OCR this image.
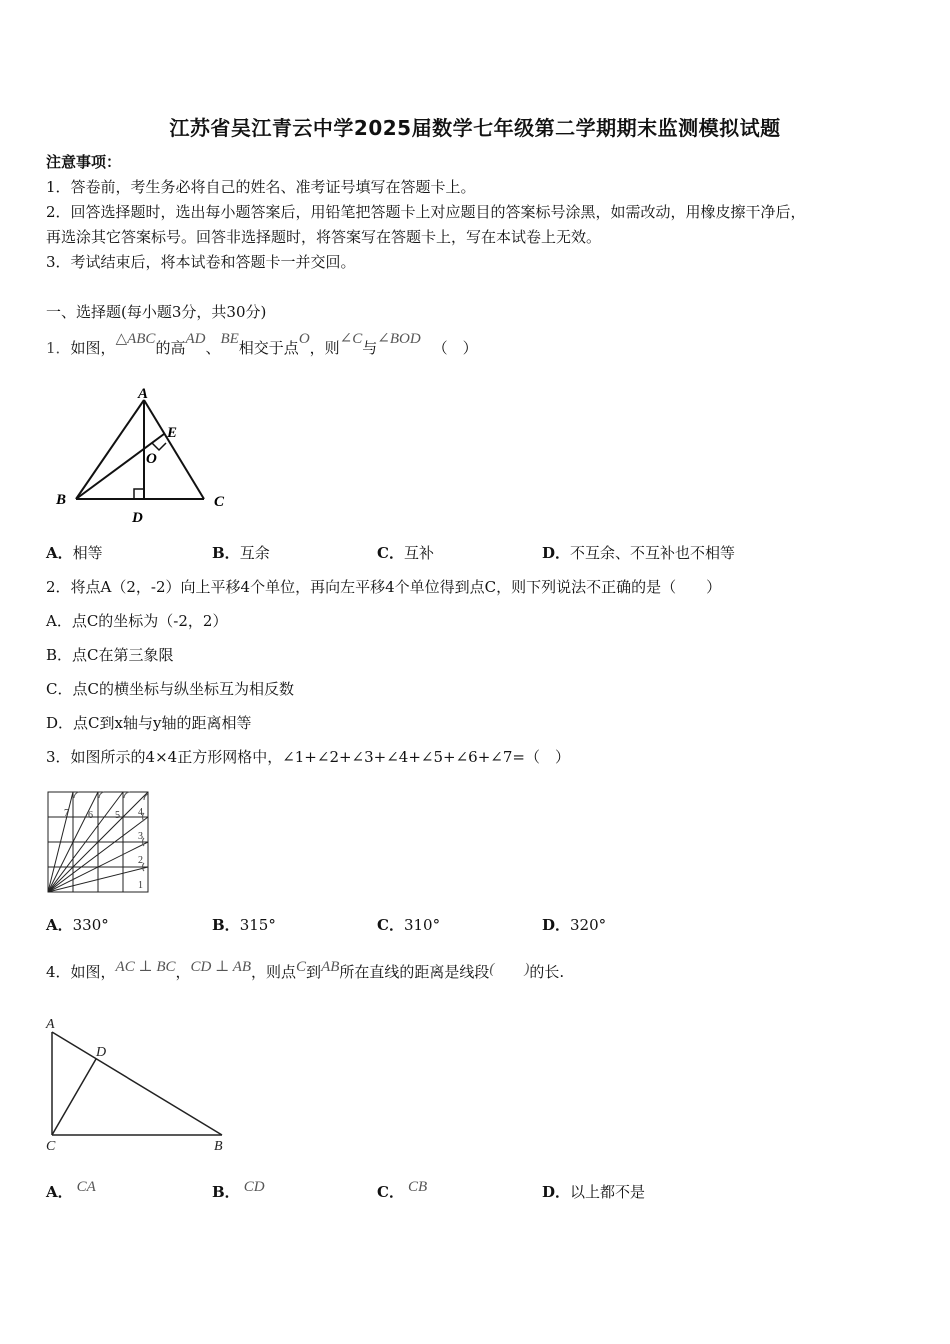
江苏省吴江青云中学2025届数学七年级第二学期期末监测模拟试题
注意事项：
1．答卷前，考生务必将自己的姓名、准考证号填写在答题卡上。
2．回答选择题时，选出每小题答案后，用铅笔把答题卡上对应题目的答案标号涂黑，如需改动，用橡皮擦干净后，
再选涂其它答案标号。回答非选择题时，将答案写在答题卡上，写在本试卷上无效。
3．考试结束后，将本试卷和答题卡一并交回。
一、选择题(每小题3分，共30分)
1．如图，△ABC的高AD、BE相交于点O，则∠C与∠BOD （　）
A
B	C
D
E
O
A．相等	B．互余	C．互补	D．不互余、不互补也不相等
2．将点A（2，-2）向上平移4个单位，再向左平移4个单位得到点C，则下列说法不正确的是（　　）
A．点C的坐标为（-2，2）
B．点C在第三象限
C．点C的横坐标与纵坐标互为相反数
D．点C到x轴与y轴的距离相等
3．如图所示的4×4正方形网格中，∠1+∠2+∠3+∠4+∠5+∠6+∠7=（　）
1
2
3
4
5
6
7
A．330°	B．315°	C．310°	D．320°
4．如图，AC ⊥ BC，CD ⊥ AB，则点C到AB所在直线的距离是线段(　　)的长.
A
D
C	B
A． CA	B． CD	C． CB	D．以上都不是
